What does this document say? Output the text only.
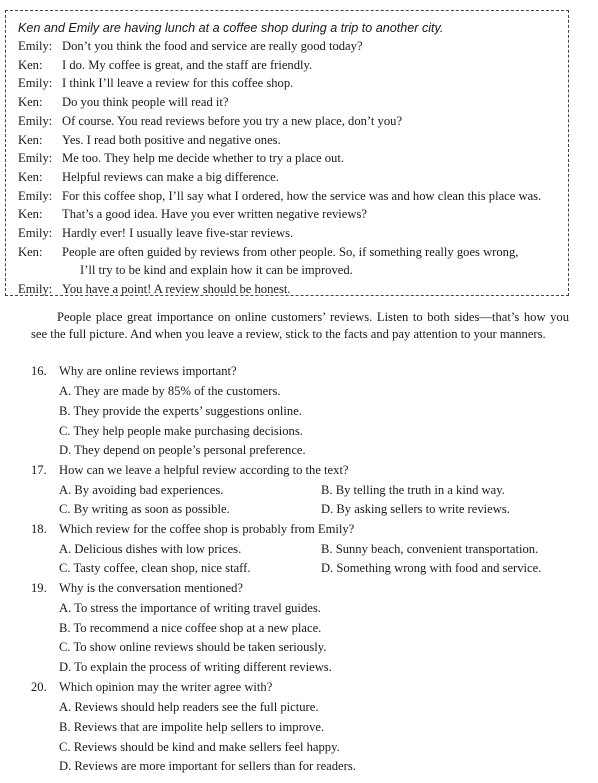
Ken and Emily are having lunch at a coffee shop during a trip to another city.
Emily: Don’t you think the food and service are really good today?
Ken: I do. My coffee is great, and the staff are friendly.
Emily: I think I’ll leave a review for this coffee shop.
Ken: Do you think people will read it?
Emily: Of course. You read reviews before you try a new place, don’t you?
Ken: Yes. I read both positive and negative ones.
Emily: Me too. They help me decide whether to try a place out.
Ken: Helpful reviews can make a big difference.
Emily: For this coffee shop, I’ll say what I ordered, how the service was and how clean this place was.
Ken: That’s a good idea. Have you ever written negative reviews?
Emily: Hardly ever! I usually leave five-star reviews.
Ken: People are often guided by reviews from other people. So, if something really goes wrong,
I’ll try to be kind and explain how it can be improved.
Emily: You have a point! A review should be honest.
People place great importance on online customers’ reviews. Listen to both sides—that’s how you see the full picture. And when you leave a review, stick to the facts and pay attention to your manners.
16. Why are online reviews important?
A. They are made by 85% of the customers.
B. They provide the experts’ suggestions online.
C. They help people make purchasing decisions.
D. They depend on people’s personal preference.
17. How can we leave a helpful review according to the text?
A. By avoiding bad experiences.	B. By telling the truth in a kind way.
C. By writing as soon as possible.	D. By asking sellers to write reviews.
18. Which review for the coffee shop is probably from Emily?
A. Delicious dishes with low prices.	B. Sunny beach, convenient transportation.
C. Tasty coffee, clean shop, nice staff.	D. Something wrong with food and service.
19. Why is the conversation mentioned?
A. To stress the importance of writing travel guides.
B. To recommend a nice coffee shop at a new place.
C. To show online reviews should be taken seriously.
D. To explain the process of writing different reviews.
20. Which opinion may the writer agree with?
A. Reviews should help readers see the full picture.
B. Reviews that are impolite help sellers to improve.
C. Reviews should be kind and make sellers feel happy.
D. Reviews are more important for sellers than for readers.
